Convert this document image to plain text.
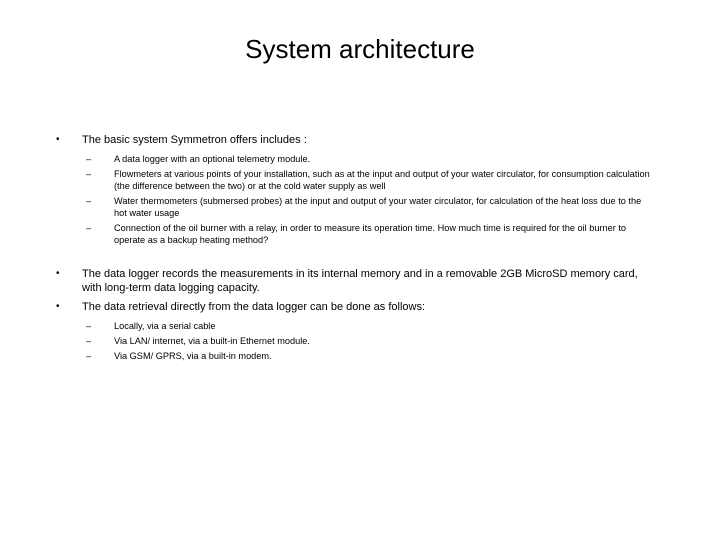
System architecture
•	The basic system Symmetron offers includes :
–	A data logger with an optional telemetry module.
–	Flowmeters at various points of your installation, such as at the input and output of your water circulator, for consumption calculation (the difference between the two) or at the cold water supply as well
–	Water thermometers (submersed probes) at the input and output of your water circulator, for calculation of the heat loss due to the hot water usage
–	Connection of the oil burner with a relay, in order to measure its operation time. How much time is required for the oil burner to operate as a backup heating method?
•	The data logger records the measurements in its internal memory and in a removable 2GB MicroSD memory card, with long-term data logging capacity.
•	The data retrieval directly from the data logger can be done as follows:
–	Locally, via a serial cable
–	Via LAN/ internet, via a built-in Ethernet module.
–	Via GSM/ GPRS, via a built-in modem.
